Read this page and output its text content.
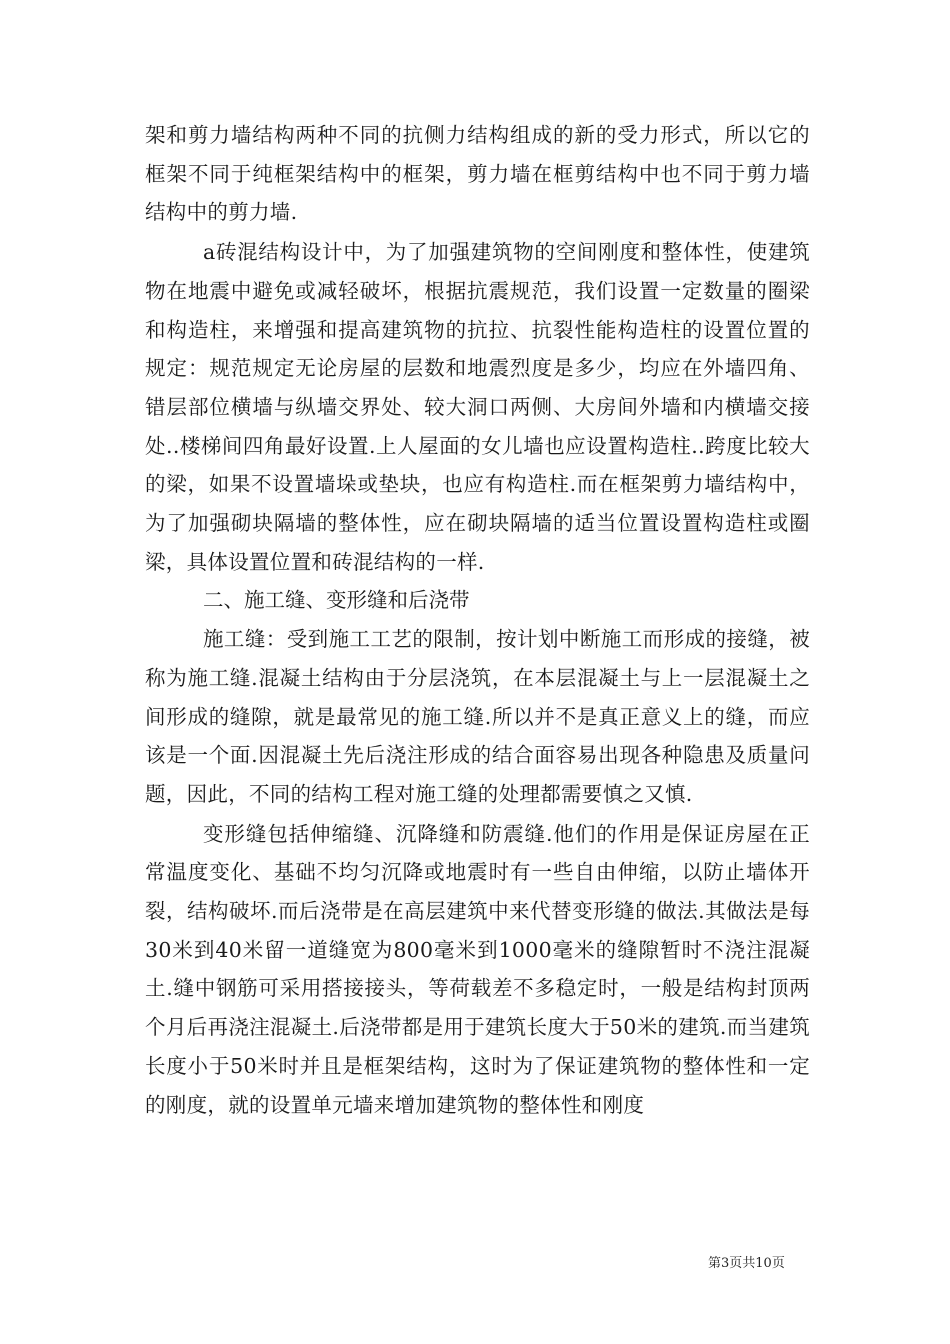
架和剪力墙结构两种不同的抗侧力结构组成的新的受力形式，所以它的框架不同于纯框架结构中的框架，剪力墙在框剪结构中也不同于剪力墙结构中的剪力墙.

a砖混结构设计中，为了加强建筑物的空间刚度和整体性，使建筑物在地震中避免或减轻破坏，根据抗震规范，我们设置一定数量的圈梁和构造柱，来增强和提高建筑物的抗拉、抗裂性能构造柱的设置位置的规定：规范规定无论房屋的层数和地震烈度是多少，均应在外墙四角、错层部位横墙与纵墙交界处、较大洞口两侧、大房间外墙和内横墙交接处..楼梯间四角最好设置.上人屋面的女儿墙也应设置构造柱..跨度比较大的梁，如果不设置墙垛或垫块，也应有构造柱.而在框架剪力墙结构中，为了加强砌块隔墙的整体性，应在砌块隔墙的适当位置设置构造柱或圈梁，具体设置位置和砖混结构的一样.

二、施工缝、变形缝和后浇带

施工缝：受到施工工艺的限制，按计划中断施工而形成的接缝，被称为施工缝.混凝土结构由于分层浇筑，在本层混凝土与上一层混凝土之间形成的缝隙，就是最常见的施工缝.所以并不是真正意义上的缝，而应该是一个面.因混凝土先后浇注形成的结合面容易出现各种隐患及质量问题，因此，不同的结构工程对施工缝的处理都需要慎之又慎.

变形缝包括伸缩缝、沉降缝和防震缝.他们的作用是保证房屋在正常温度变化、基础不均匀沉降或地震时有一些自由伸缩，以防止墙体开裂，结构破坏.而后浇带是在高层建筑中来代替变形缝的做法.其做法是每30米到40米留一道缝宽为800毫米到1000毫米的缝隙暂时不浇注混凝土.缝中钢筋可采用搭接接头，等荷载差不多稳定时，一般是结构封顶两个月后再浇注混凝土.后浇带都是用于建筑长度大于50米的建筑.而当建筑长度小于50米时并且是框架结构，这时为了保证建筑物的整体性和一定的刚度，就的设置单元墙来增加建筑物的整体性和刚度

第3页共10页
